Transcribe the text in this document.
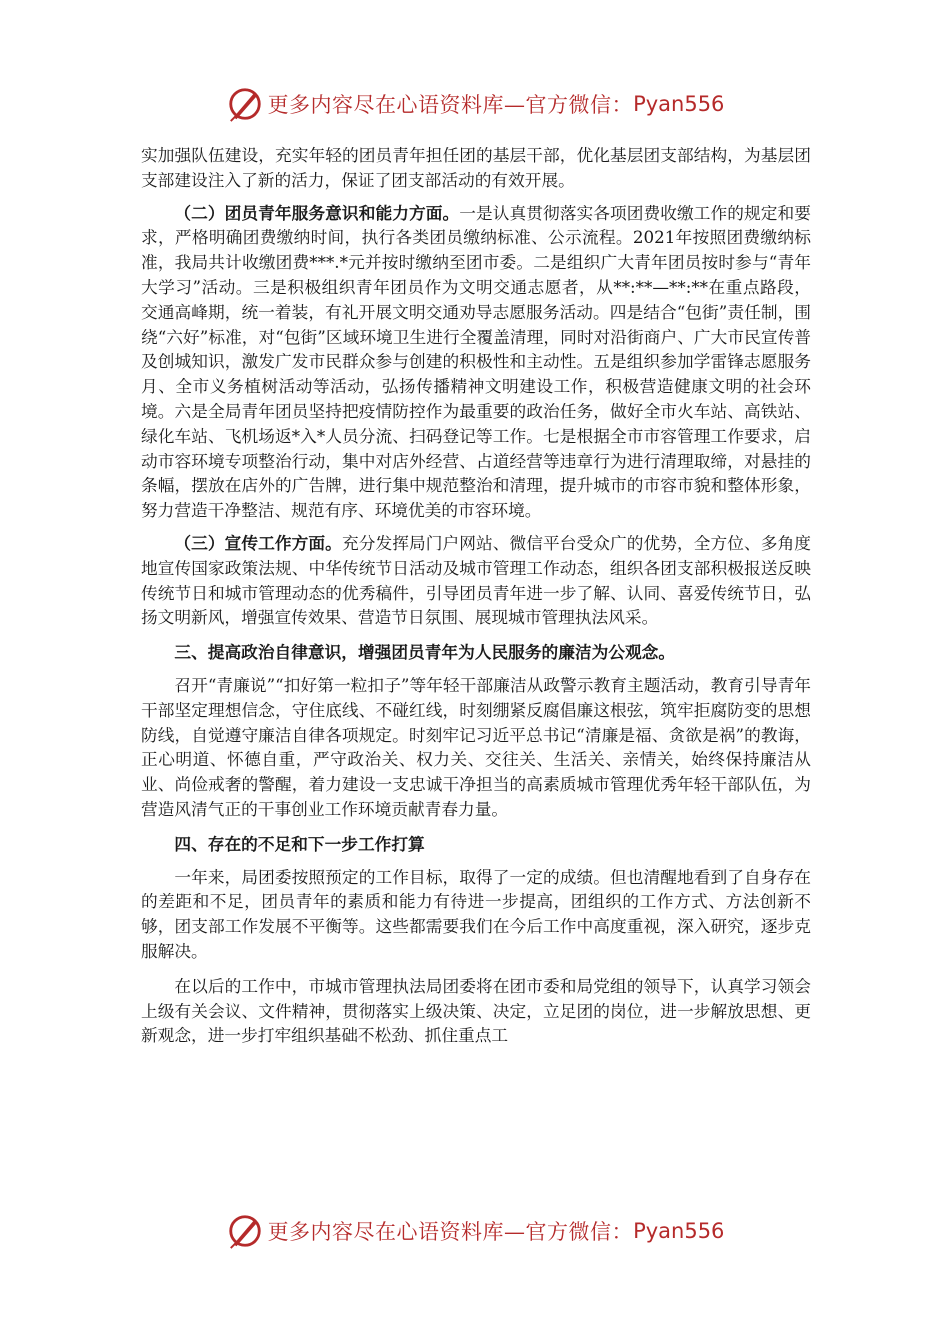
更多内容尽在心语资料库—官方微信： Pyan556

实加强队伍建设，充实年轻的团员青年担任团的基层干部，优化基层团支部结构，为基层团支部建设注入了新的活力，保证了团支部活动的有效开展。

（二）团员青年服务意识和能力方面。一是认真贯彻落实各项团费收缴工作的规定和要求，严格明确团费缴纳时间，执行各类团员缴纳标准、公示流程。2021年按照团费缴纳标准，我局共计收缴团费***.*元并按时缴纳至团市委。二是组织广大青年团员按时参与“青年大学习”活动。三是积极组织青年团员作为文明交通志愿者，从**:**—**:**在重点路段，交通高峰期，统一着装，有礼开展文明交通劝导志愿服务活动。四是结合“包街”责任制，围绕“六好”标准，对“包街”区域环境卫生进行全覆盖清理，同时对沿街商户、广大市民宣传普及创城知识，激发广发市民群众参与创建的积极性和主动性。五是组织参加学雷锋志愿服务月、全市义务植树活动等活动，弘扬传播精神文明建设工作，积极营造健康文明的社会环境。六是全局青年团员坚持把疫情防控作为最重要的政治任务，做好全市火车站、高铁站、绿化车站、飞机场返*入*人员分流、扫码登记等工作。七是根据全市市容管理工作要求，启动市容环境专项整治行动，集中对店外经营、占道经营等违章行为进行清理取缔，对悬挂的条幅，摆放在店外的广告牌，进行集中规范整治和清理，提升城市的市容市貌和整体形象，努力营造干净整洁、规范有序、环境优美的市容环境。

（三）宣传工作方面。充分发挥局门户网站、微信平台受众广的优势，全方位、多角度地宣传国家政策法规、中华传统节日活动及城市管理工作动态，组织各团支部积极报送反映传统节日和城市管理动态的优秀稿件，引导团员青年进一步了解、认同、喜爱传统节日，弘扬文明新风，增强宣传效果、营造节日氛围、展现城市管理执法风采。

三、提高政治自律意识，增强团员青年为人民服务的廉洁为公观念。

召开“青廉说”“扣好第一粒扣子”等年轻干部廉洁从政警示教育主题活动，教育引导青年干部坚定理想信念，守住底线、不碰红线，时刻绷紧反腐倡廉这根弦，筑牢拒腐防变的思想防线，自觉遵守廉洁自律各项规定。时刻牢记习近平总书记“清廉是福、贪欲是祸”的教诲，正心明道、怀德自重，严守政治关、权力关、交往关、生活关、亲情关，始终保持廉洁从业、尚俭戒奢的警醒，着力建设一支忠诚干净担当的高素质城市管理优秀年轻干部队伍，为营造风清气正的干事创业工作环境贡献青春力量。

四、存在的不足和下一步工作打算

一年来，局团委按照预定的工作目标，取得了一定的成绩。但也清醒地看到了自身存在的差距和不足，团员青年的素质和能力有待进一步提高，团组织的工作方式、方法创新不够，团支部工作发展不平衡等。这些都需要我们在今后工作中高度重视，深入研究，逐步克服解决。

在以后的工作中，市城市管理执法局团委将在团市委和局党组的领导下，认真学习领会上级有关会议、文件精神，贯彻落实上级决策、决定，立足团的岗位，进一步解放思想、更新观念，进一步打牢组织基础不松劲、抓住重点工

更多内容尽在心语资料库—官方微信： Pyan556
